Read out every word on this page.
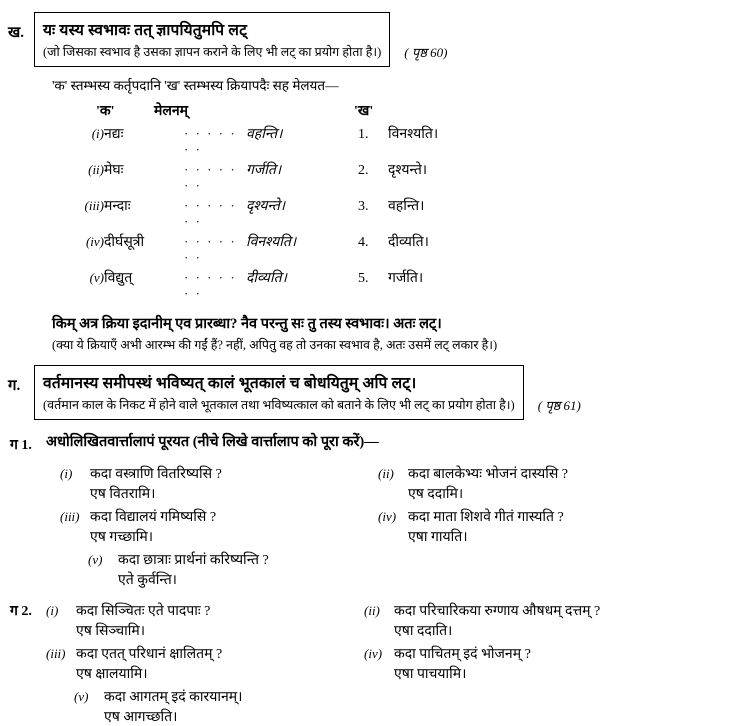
ख.	यः यस्य स्वभावः तत् ज्ञापयितुमपि लट्
(जो जिसका स्वभाव है उसका ज्ञापन कराने के लिए भी लट् का प्रयोग होता है।)	( पृष्ठ 60)
'क' स्तम्भस्य कर्तृपदानि 'ख' स्तम्भस्य क्रियापदैः सह मेलयत—
'क'	मेलनम्	'ख'
(i)	नद्यः	· · · · · · ·	वहन्ति।	1.	विनश्यति।
(ii)	मेघः	· · · · · · ·	गर्जति।	2.	दृश्यन्ते।
(iii)	मन्दाः	· · · · · · ·	दृश्यन्ते।	3.	वहन्ति।
(iv)	दीर्घसूत्री	· · · · · · ·	विनश्यति।	4.	दीव्यति।
(v)	विद्युत्	· · · · · · ·	दीव्यति।	5.	गर्जति।
किम् अत्र क्रिया इदानीम् एव प्रारब्धा? नैव परन्तु सः तु तस्य स्वभावः। अतः लट्।
(क्या ये क्रियाएँ अभी आरम्भ की गईं हैं? नहीं, अपितु वह तो उनका स्वभाव है, अतः उसमें लट् लकार है।)
ग.	वर्तमानस्य समीपस्थं भविष्यत् कालं भूतकालं च बोधयितुम् अपि लट्।
(वर्तमान काल के निकट में होने वाले भूतकाल तथा भविष्यत्काल को बताने के लिए भी लट् का प्रयोग होता है।)	( पृष्ठ 61)
ग 1. अधोलिखितवार्त्तालापं पूरयत (नीचे लिखे वार्त्तालाप को पूरा करें)—
(i) कदा वस्त्राणि वितरिष्यसि ?
एष वितरामि।
(ii) कदा बालकेभ्यः भोजनं दास्यसि ?
एष ददामि।
(iii) कदा विद्यालयं गमिष्यसि ?
एष गच्छामि।
(iv) कदा माता शिशवे गीतं गास्यति ?
एषा गायति।
(v) कदा छात्राः प्रार्थनां करिष्यन्ति ?
एते कुर्वन्ति।
ग 2.	(i) कदा सिञ्चितः एते पादपाः ?
एष सिञ्चामि।
(ii) कदा परिचारिकया रुग्णाय औषधम् दत्तम् ?
एषा ददाति।
(iii) कदा एतत् परिधानं क्षालितम् ?
एष क्षालयामि।
(iv) कदा पाचितम् इदं भोजनम् ?
एषा पाचयामि।
(v) कदा आगतम् इदं कारयानम्।
एष आगच्छति।
